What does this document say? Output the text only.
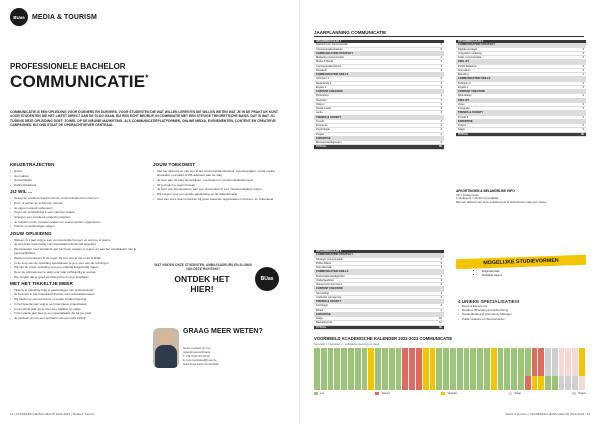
BUas	MEDIA & TOURISM
PROFESSIONELE BACHELOR
COMMUNICATIE*
COMMUNICATIE IS EEN OPLEIDING VOOR DOENERS EN DURVERS. VOOR STUDENTEN DIE WAT WILLEN LEREN EN DIE WILLEN WETEN WAT JE IN DE PRAKTIJK KUNT. VOOR STUDENTEN DIE HET LIEFST DIRECT AAN DE SLAG GAAN, BIJ EEN ECHT BEDRIJF, IN COMBINATIE MET EEN STEVIGE THEORETISCHE BASIS. DAT IS WAT JIJ TIJDENS DEZE OPLEIDING DOET: ZOWEL OP DE NIEUWE MARKETING- ALS COMMUNICATIEPLATFORMEN, ONLINE MEDIA, EVENEMENTEN, CONTENT EN CREATIEVE CAMPAGNES. BIJ ONS STAAT DE OPDRACHTGEVER CENTRAAL.
KEUZETRAJECTEN
• Event
• Journalism
• Social Media
• Public Relations
JIJ WIL ...
• Graag de wondere wereld van de communicatie leren kennen
• Door of achter de schermen werken
• Je eigen netwerk opbouwen
• Tegen de verwachting in een carrière maken
• Graag in een creatieve omgeving werken
• Je handen uit de mouwen steken en evenementen organiseren
• Trends en technologie volgen
JOUW OPLEIDING
• Meteen in 1 jaar volg je een communicatief project en werk je in teams
• Je wordt als toekomstig communicatieprofessional opgeleid
• We besteden veel aandacht aan het leren werken in teams en aan het ontwikkelen van je persoonlijkheid
• Werken bij bedrijven in de regio: bij ons doe je het in de praktijk
• In de loop van de opleiding specialiseer je je in een van de richtingen
• Wij zijn de enige opleiding met een volledig Engelstalig traject
• Door de opbouw leer je stap voor stap zelfstandig te werken
• We zorgen dat je goed voorbereid bent op je loopbaan
MET HET TIKKELTJE MEER
• Tijdens je opleiding krijg je gastcolleges van professionals
• Je bezoekt in het buitenland diverse communicatiebureaus
• Wij bieden je een leerzame en leuke studieomgeving
• In het tweede jaar volg je een intensieve projectweek
• In het derde jaar ga je voor een halfjaar op stage
• In het vierde jaar kies je een specialisatie die bij jou past
• Je studeert af met een opdracht van een echt bedrijf
JOUW TOEKOMST
• Met het diploma op zak kun je als communicatieadviseur, eventmanager, social media specialist, journalist of PR-adviseur aan de slag
• Je kunt aan de slag bij bedrijven, overheden en communicatiebureaus
• Of je begint je eigen bureau
• Je kunt ook doorstuderen aan een universiteit of een masteropleiding volgen
• Wij zorgen voor een goede aansluiting op de arbeidsmarkt
• Veel van onze alumni werken bij grote bekende organisaties in binnen- en buitenland
WAT VINDEN ONZE STUDENTEN, AMBASSADEURS EN ALUMNI VAN DEZE RICHTING?
ONTDEK HET HIER!
BUas
GRAAG MEER WETEN?
Neem contact op met
opleidingscoördinator
T +32 (0)11 00 00 00
E communicatie@buas.be
www.buas.be/communicatie
14 | ACADEMISCHE BACHELOR 2022-2023 | Media & Tourism
JAARPLANNING COMMUNICATIE
OPLEIDINGSJAAR 1
Marketing en communicatie	6
Communicatiestrategie	6
COMMUNICATION STRATEGY
Marketing communicatie	3
Media & Beeld	3
Communicatie-theorie	3
Research	3
COMMUNICATION SKILLS
Schrijven 1	3
Nederlands 1	3
Engels 1	3
CONTENT CREATION
Photoshop	3
Illustrator	3
Video 1	3
Social media	3
Audio	3
TRENDS & SOCIETY
Trends	3
Economie	3
Psychologie	3
Project	3
EXPERTISE
Beroepsvaardigheden	3
TOTAAL	60
OPLEIDINGSJAAR 2
COMMUNICATION STRATEGY
Digitale strategie	3
Integrated marketing	3
Crisis communicatie	3
KIES UIT
Public Relations	3
Journalism	3
Branding	3
COMMUNICATION SKILLS
Schrijven 2	3
Engels 2	3
CONTENT CREATION
Web design	3
KIES UIT
Video	3
Fotografie	3
TRENDS & SOCIETY
Trends 2	3
EXPERTISE
Project	6
Stage	9
TOTAAL	60
OPLEIDINGSJAAR 3
COMMUNICATION STRATEGY
Strategic communicatie	3
Public Affairs	3
Internationale	3
COMMUNICATION SKILLS
Presentatievaardigheden	3
Onderhandelen	3
Visueel communiceren	3
CONTENT CREATION
Storytelling	3
Grafische vormgeving	3
TRENDS & SOCIETY
Sociologie	3
Ethiek	3
EXPERTISE
Stage	18
Bachelorproef	12
TOTAAL	60
AFKORTINGEN & BELANGRIJKE INFO
SP = studiepunten
1 studiepunt = 25-30 uur studietijd
Met een diploma van deze opleiding kun je doorstromen naar een master
MOGELIJKE STUDIEVORMEN
• Dagonderwijs
• Deeltijds traject
4 UNIEKE SPECIALISATIES!
• Event & Experience
• Reclame (Branding and Advertising)
• Social Media and Community Manager
• Public relations en Woordvoerder
VOORBEELD ACADEMISCHE KALENDER 2022-2023 COMMUNICATIE
Semester 1 / Semester 2 · indicatieve planning per week
Les	Toetsen	Vakantie	Stage	Project
Media & Tourism | ACADEMISCHE BACHELOR 2022-2023 | 15
